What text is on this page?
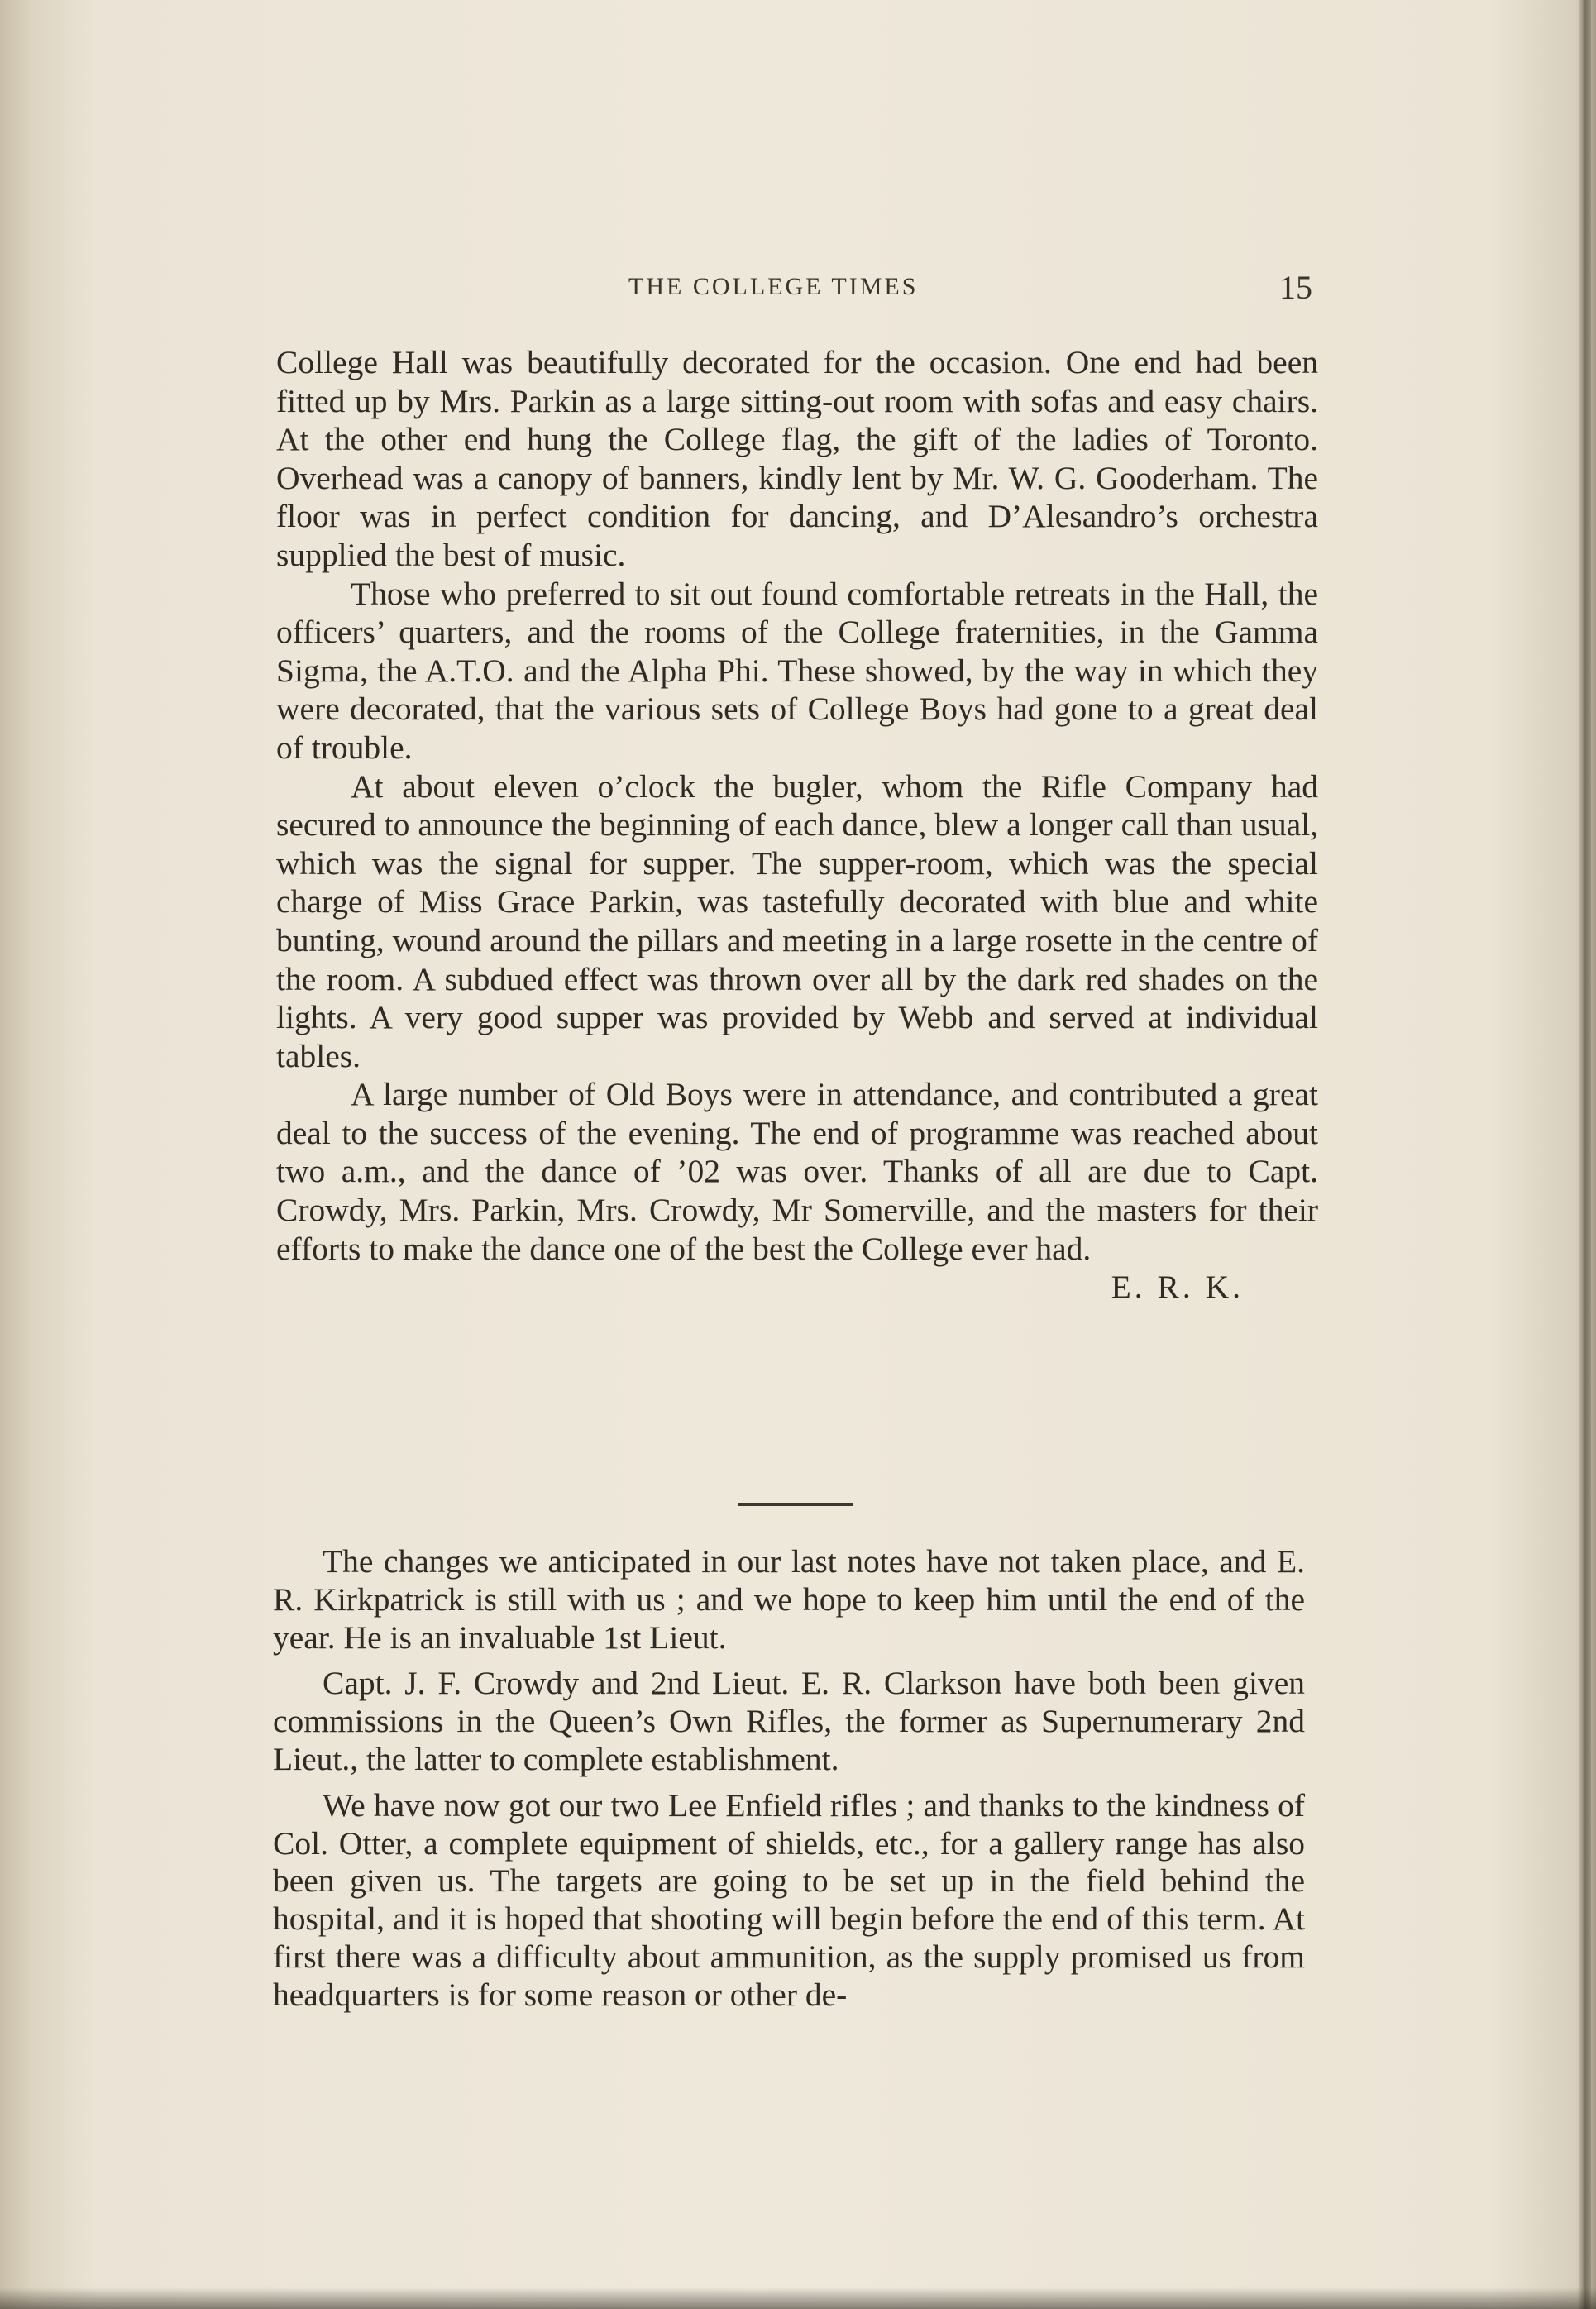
THE COLLEGE TIMES	15

College Hall was beautifully decorated for the occasion. One end had been fitted up by Mrs. Parkin as a large sitting-out room with sofas and easy chairs. At the other end hung the College flag, the gift of the ladies of Toronto. Overhead was a canopy of banners, kindly lent by Mr. W. G. Gooderham. The floor was in perfect condition for dancing, and D’Alesandro’s orchestra supplied the best of music.

Those who preferred to sit out found comfortable retreats in the Hall, the officers’ quarters, and the rooms of the College fraternities, in the Gamma Sigma, the A.T.O. and the Alpha Phi. These showed, by the way in which they were decorated, that the various sets of College Boys had gone to a great deal of trouble.

At about eleven o’clock the bugler, whom the Rifle Company had secured to announce the beginning of each dance, blew a longer call than usual, which was the signal for supper. The supper-room, which was the special charge of Miss Grace Parkin, was tastefully decorated with blue and white bunting, wound around the pillars and meeting in a large rosette in the centre of the room. A subdued effect was thrown over all by the dark red shades on the lights. A very good supper was provided by Webb and served at individual tables.

A large number of Old Boys were in attendance, and contributed a great deal to the success of the evening. The end of programme was reached about two a.m., and the dance of ’02 was over. Thanks of all are due to Capt. Crowdy, Mrs. Parkin, Mrs. Crowdy, Mr Somerville, and the masters for their efforts to make the dance one of the best the College ever had.

E. R. K.

The changes we anticipated in our last notes have not taken place, and E. R. Kirkpatrick is still with us ; and we hope to keep him until the end of the year. He is an invaluable 1st Lieut.

Capt. J. F. Crowdy and 2nd Lieut. E. R. Clarkson have both been given commissions in the Queen’s Own Rifles, the former as Supernumerary 2nd Lieut., the latter to complete establishment.

We have now got our two Lee Enfield rifles ; and thanks to the kindness of Col. Otter, a complete equipment of shields, etc., for a gallery range has also been given us. The targets are going to be set up in the field behind the hospital, and it is hoped that shooting will begin before the end of this term. At first there was a difficulty about ammunition, as the supply promised us from headquarters is for some reason or other de-
